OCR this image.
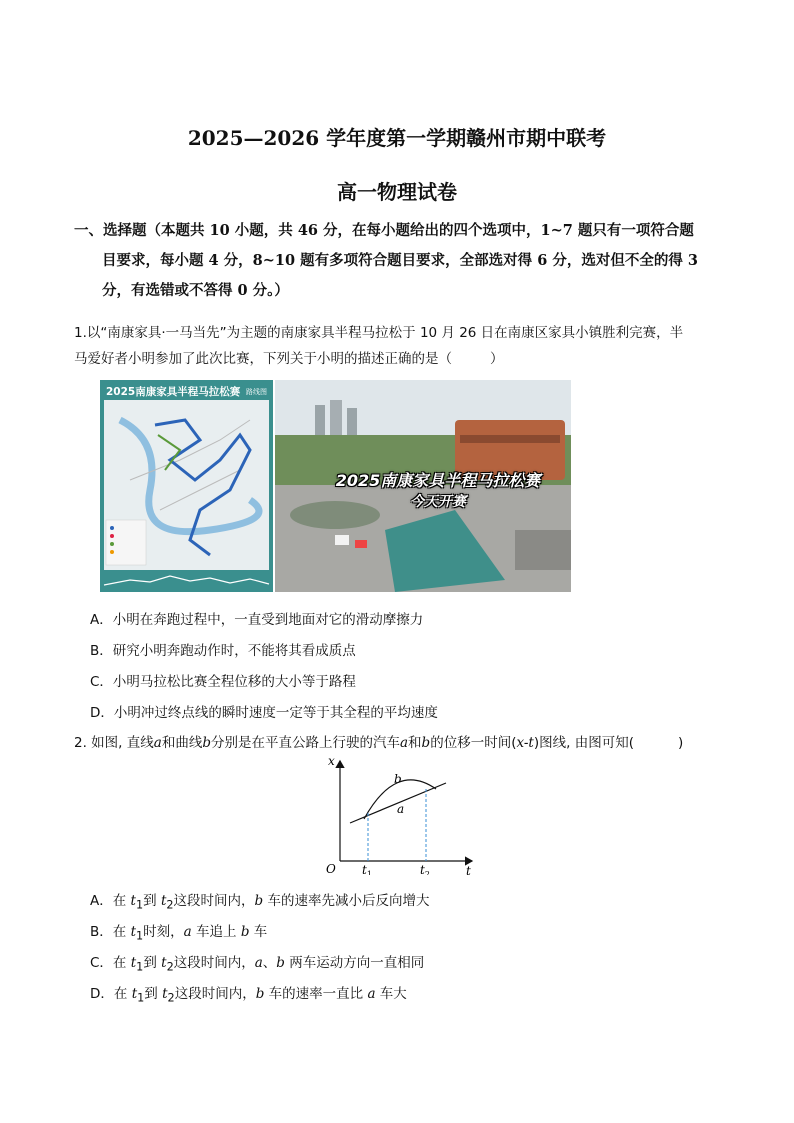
2025—2026 学年度第一学期赣州市期中联考
高一物理试卷
一、选择题（本题共 10 小题，共 46 分，在每小题给出的四个选项中，1~7 题只有一项符合题
目要求，每小题 4 分，8~10 题有多项符合题目要求，全部选对得 6 分，选对但不全的得 3
分，有选错或不答得 0 分。）
1.以“南康家具·一马当先”为主题的南康家具半程马拉松于 10 月 26 日在南康区家具小镇胜利完赛，半
马爱好者小明参加了此次比赛，下列关于小明的描述正确的是（	）
2025南康家具半程马拉松赛 路线图
2025南康家具半程马拉松赛
今天开赛
A．小明在奔跑过程中，一直受到地面对它的滑动摩擦力
B．研究小明奔跑动作时，不能将其看成质点
C．小明马拉松比赛全程位移的大小等于路程
D．小明冲过终点线的瞬时速度一定等于其全程的平均速度
2. 如图, 直线a和曲线b分别是在平直公路上行驶的汽车a和b的位移一时间(x-t)图线, 由图可知(	)
x
t
O $t_1$	$t_2$
b
a
A．在 $t_1$到 $t_2$这段时间内，b 车的速率先减小后反向增大
B．在 $t_1$时刻，a 车追上 b 车
C．在 $t_1$到 $t_2$这段时间内，a、b 两车运动方向一直相同
D．在 $t_1$到 $t_2$这段时间内，b 车的速率一直比 a 车大
